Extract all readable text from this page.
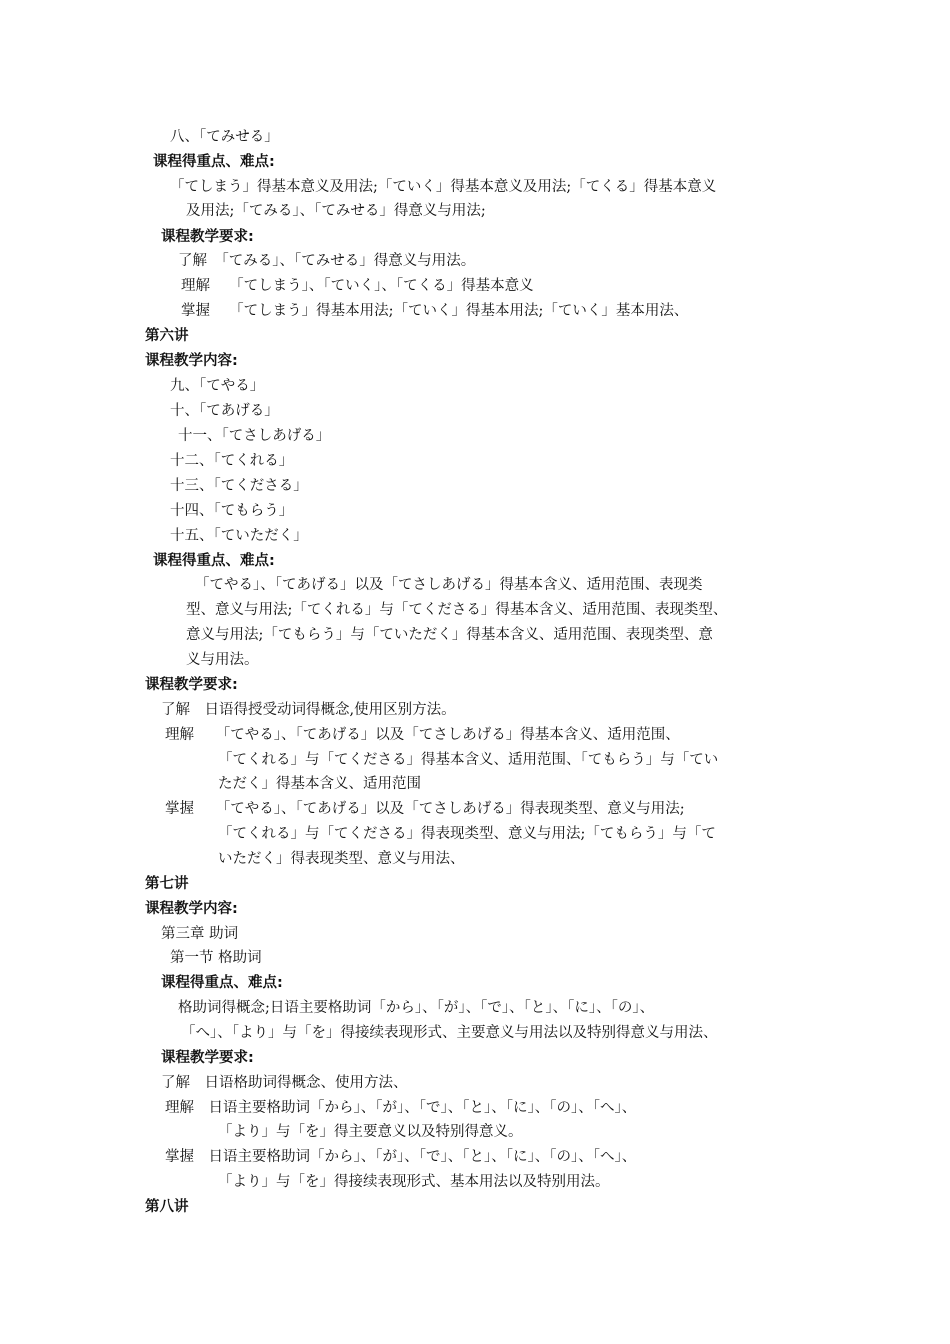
八、「てみせる」
课程得重点、难点:
「てしまう」得基本意义及用法;「ていく」得基本意义及用法;「てくる」得基本意义
及用法;「てみる」、「てみせる」得意义与用法;
课程教学要求:
了解　「てみる」、「てみせる」得意义与用法。
理解　 「てしまう」、「ていく」、「てくる」得基本意义
掌握　 「てしまう」得基本用法;「ていく」得基本用法;「ていく」基本用法、
第六讲
课程教学内容:
九、「てやる」
十、「てあげる」
十一、「てさしあげる」
十二、「てくれる」
十三、「てくださる」
十四、「てもらう」
十五、「ていただく」
课程得重点、难点:
「てやる」、「てあげる」以及「てさしあげる」得基本含义、适用范围、表现类
型、意义与用法;「てくれる」与「てくださる」得基本含义、适用范围、表现类型、
意义与用法;「てもらう」与「ていただく」得基本含义、适用范围、表现类型、意
义与用法。
课程教学要求:
了解　日语得授受动词得概念,使用区别方法。
理解　　「てやる」、「てあげる」以及「てさしあげる」得基本含义、适用范围、
「てくれる」与「てくださる」得基本含义、适用范围、「てもらう」与「てい
ただく」得基本含义、适用范围
掌握　　「てやる」、「てあげる」以及「てさしあげる」得表现类型、意义与用法;
「てくれる」与「てくださる」得表现类型、意义与用法;「てもらう」与「て
いただく」得表现类型、意义与用法、
第七讲
课程教学内容:
第三章 助词
第一节 格助词
课程得重点、难点:
格助词得概念;日语主要格助词「から」、「が」、「で」、「と」、「に」、「の」、
「へ」、「より」与「を」得接续表现形式、主要意义与用法以及特别得意义与用法、
课程教学要求:
了解　日语格助词得概念、使用方法、
理解　日语主要格助词「から」、「が」、「で」、「と」、「に」、「の」、「へ」、
「より」与「を」得主要意义以及特别得意义。
掌握　日语主要格助词「から」、「が」、「で」、「と」、「に」、「の」、「へ」、
「より」与「を」得接续表现形式、基本用法以及特别用法。
第八讲
